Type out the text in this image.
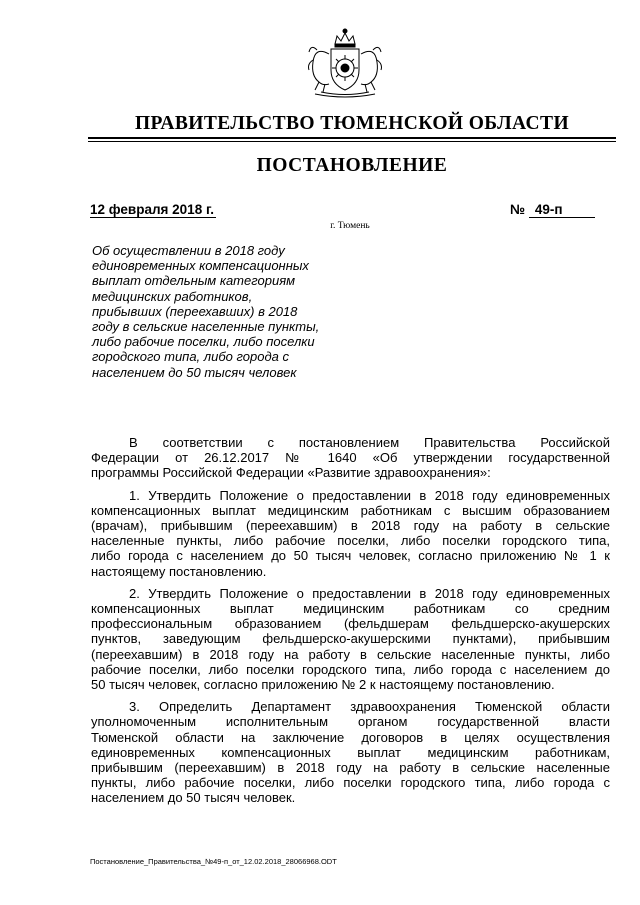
ПРАВИТЕЛЬСТВО ТЮМЕНСКОЙ ОБЛАСТИ
ПОСТАНОВЛЕНИЕ
12 февраля 2018 г.	№ 49-п
г. Тюмень
Об осуществлении в 2018 году
единовременных компенсационных
выплат отдельным категориям
медицинских работников,
прибывших (переехавших) в 2018
году в сельские населенные пункты,
либо рабочие поселки, либо поселки
городского типа, либо города с
населением до 50 тысяч человек

В соответствии с постановлением Правительства Российской
Федерации от 26.12.2017 № 1640 «Об утверждении государственной
программы Российской Федерации «Развитие здравоохранения»:

1. Утвердить Положение о предоставлении в 2018 году единовременных
компенсационных выплат медицинским работникам с высшим образованием
(врачам), прибывшим (переехавшим) в 2018 году на работу в сельские
населенные пункты, либо рабочие поселки, либо поселки городского типа,
либо города с населением до 50 тысяч человек, согласно приложению № 1 к
настоящему постановлению.

2. Утвердить Положение о предоставлении в 2018 году единовременных
компенсационных выплат медицинским работникам со средним
профессиональным образованием (фельдшерам фельдшерско-акушерских
пунктов, заведующим фельдшерско-акушерскими пунктами), прибывшим
(переехавшим) в 2018 году на работу в сельские населенные пункты, либо
рабочие поселки, либо поселки городского типа, либо города с населением до
50 тысяч человек, согласно приложению № 2 к настоящему постановлению.

3. Определить Департамент здравоохранения Тюменской области
уполномоченным исполнительным органом государственной власти
Тюменской области на заключение договоров в целях осуществления
единовременных компенсационных выплат медицинским работникам,
прибывшим (переехавшим) в 2018 году на работу в сельские населенные
пункты, либо рабочие поселки, либо поселки городского типа, либо города с
населением до 50 тысяч человек.

Постановление_Правительства_№49-п_от_12.02.2018_28066968.ODT
